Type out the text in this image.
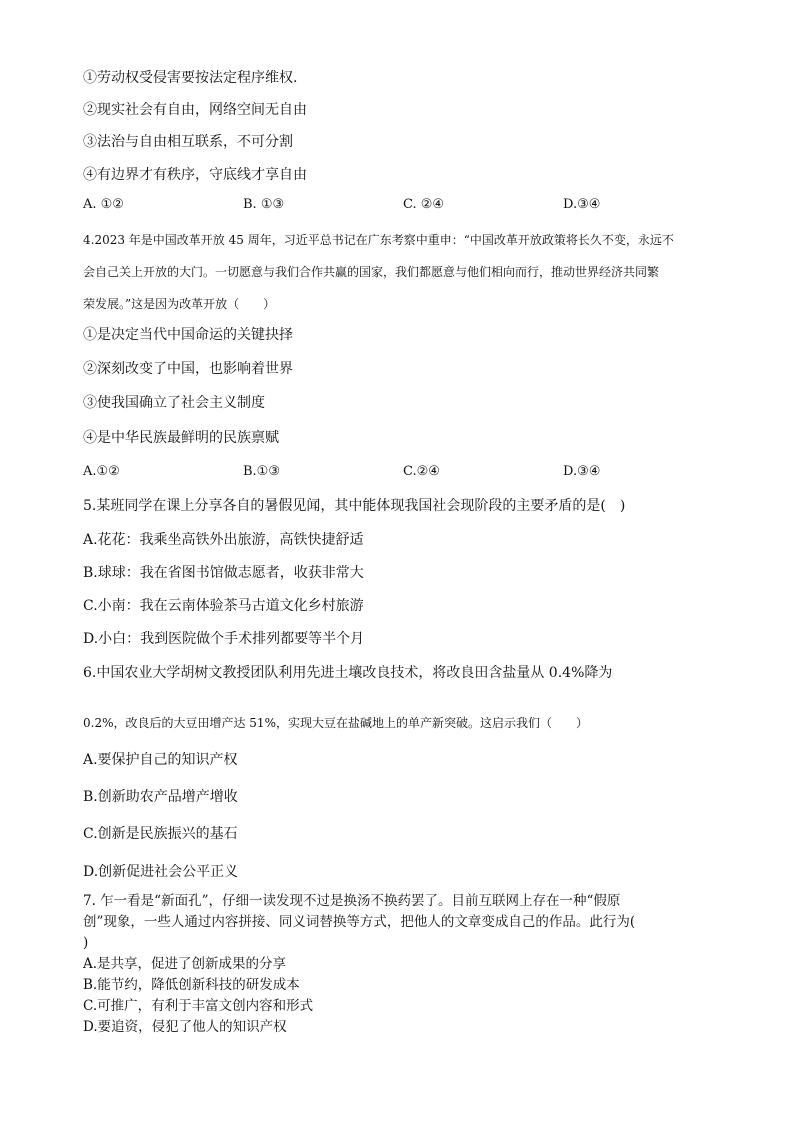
①劳动权受侵害要按法定程序维权.
②现实社会有自由，网络空间无自由
③法治与自由相互联系，不可分割
④有边界才有秩序，守底线才享自由
A. ①②	B. ①③	C. ②④	D.③④
4.2023 年是中国改革开放 45 周年，习近平总书记在广东考察中重申：“中国改革开放政策将长久不变，永远不
会自己关上开放的大门。一切愿意与我们合作共赢的国家，我们都愿意与他们相向而行，推动世界经济共同繁
荣发展。”这是因为改革开放（　　）
①是决定当代中国命运的关键抉择
②深刻改变了中国，也影响着世界
③使我国确立了社会主义制度
④是中华民族最鲜明的民族禀赋
A.①②	B.①③	C.②④	D.③④
5.某班同学在课上分享各自的暑假见闻，其中能体现我国社会现阶段的主要矛盾的是(　)
A.花花：我乘坐高铁外出旅游，高铁快捷舒适
B.球球：我在省图书馆做志愿者，收获非常大
C.小南：我在云南体验茶马古道文化乡村旅游
D.小白：我到医院做个手术排列都要等半个月
6.中国农业大学胡树文教授团队利用先进土壤改良技术，将改良田含盐量从 0.4%降为
0.2%，改良后的大豆田增产达 51%，实现大豆在盐碱地上的单产新突破。这启示我们（　　）
A.要保护自己的知识产权
B.创新助农产品增产增收
C.创新是民族振兴的基石
D.创新促进社会公平正义
7. 乍一看是“新面孔”，仔细一读发现不过是换汤不换药罢了。目前互联网上存在一种“假原
创”现象，一些人通过内容拼接、同义词替换等方式，把他人的文章变成自己的作品。此行为(
)
A.是共享，促进了创新成果的分享
B.能节约，降低创新科技的研发成本
C.可推广，有利于丰富文创内容和形式
D.要追资，侵犯了他人的知识产权
